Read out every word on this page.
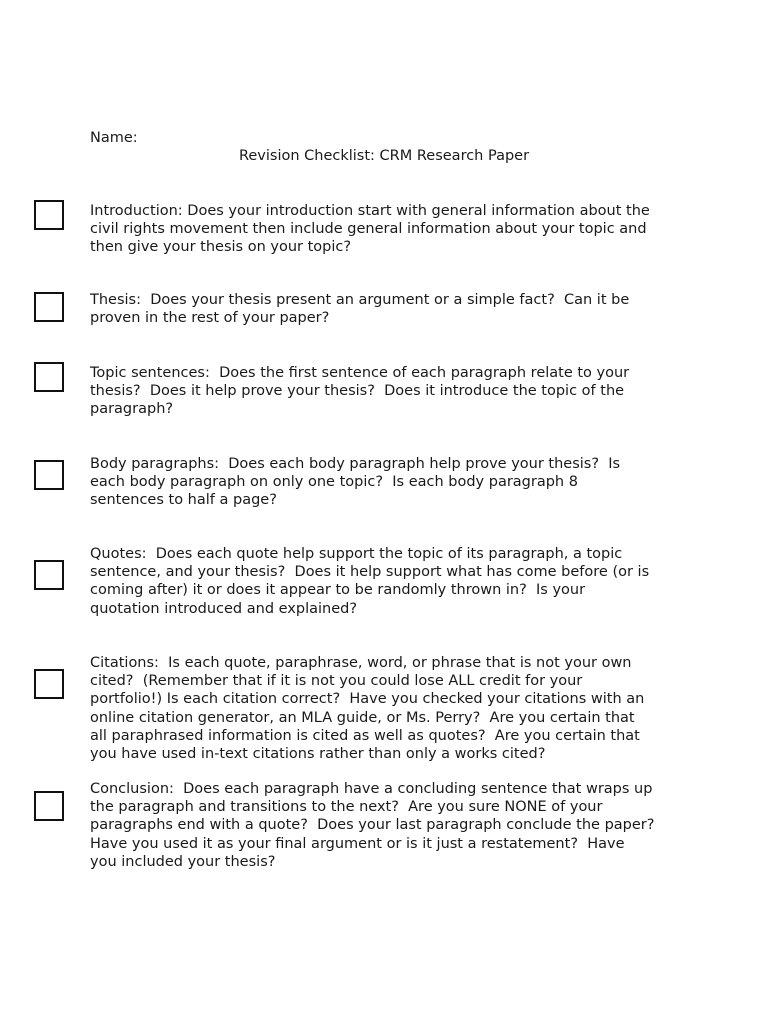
Name:
Revision Checklist: CRM Research Paper
Introduction: Does your introduction start with general information about the
civil rights movement then include general information about your topic and
then give your thesis on your topic?
Thesis:  Does your thesis present an argument or a simple fact?  Can it be
proven in the rest of your paper?
Topic sentences:  Does the first sentence of each paragraph relate to your
thesis?  Does it help prove your thesis?  Does it introduce the topic of the
paragraph?
Body paragraphs:  Does each body paragraph help prove your thesis?  Is
each body paragraph on only one topic?  Is each body paragraph 8
sentences to half a page?
Quotes:  Does each quote help support the topic of its paragraph, a topic
sentence, and your thesis?  Does it help support what has come before (or is
coming after) it or does it appear to be randomly thrown in?  Is your
quotation introduced and explained?
Citations:  Is each quote, paraphrase, word, or phrase that is not your own
cited?  (Remember that if it is not you could lose ALL credit for your
portfolio!) Is each citation correct?  Have you checked your citations with an
online citation generator, an MLA guide, or Ms. Perry?  Are you certain that
all paraphrased information is cited as well as quotes?  Are you certain that
you have used in-text citations rather than only a works cited?
Conclusion:  Does each paragraph have a concluding sentence that wraps up
the paragraph and transitions to the next?  Are you sure NONE of your
paragraphs end with a quote?  Does your last paragraph conclude the paper?
Have you used it as your final argument or is it just a restatement?  Have
you included your thesis?
